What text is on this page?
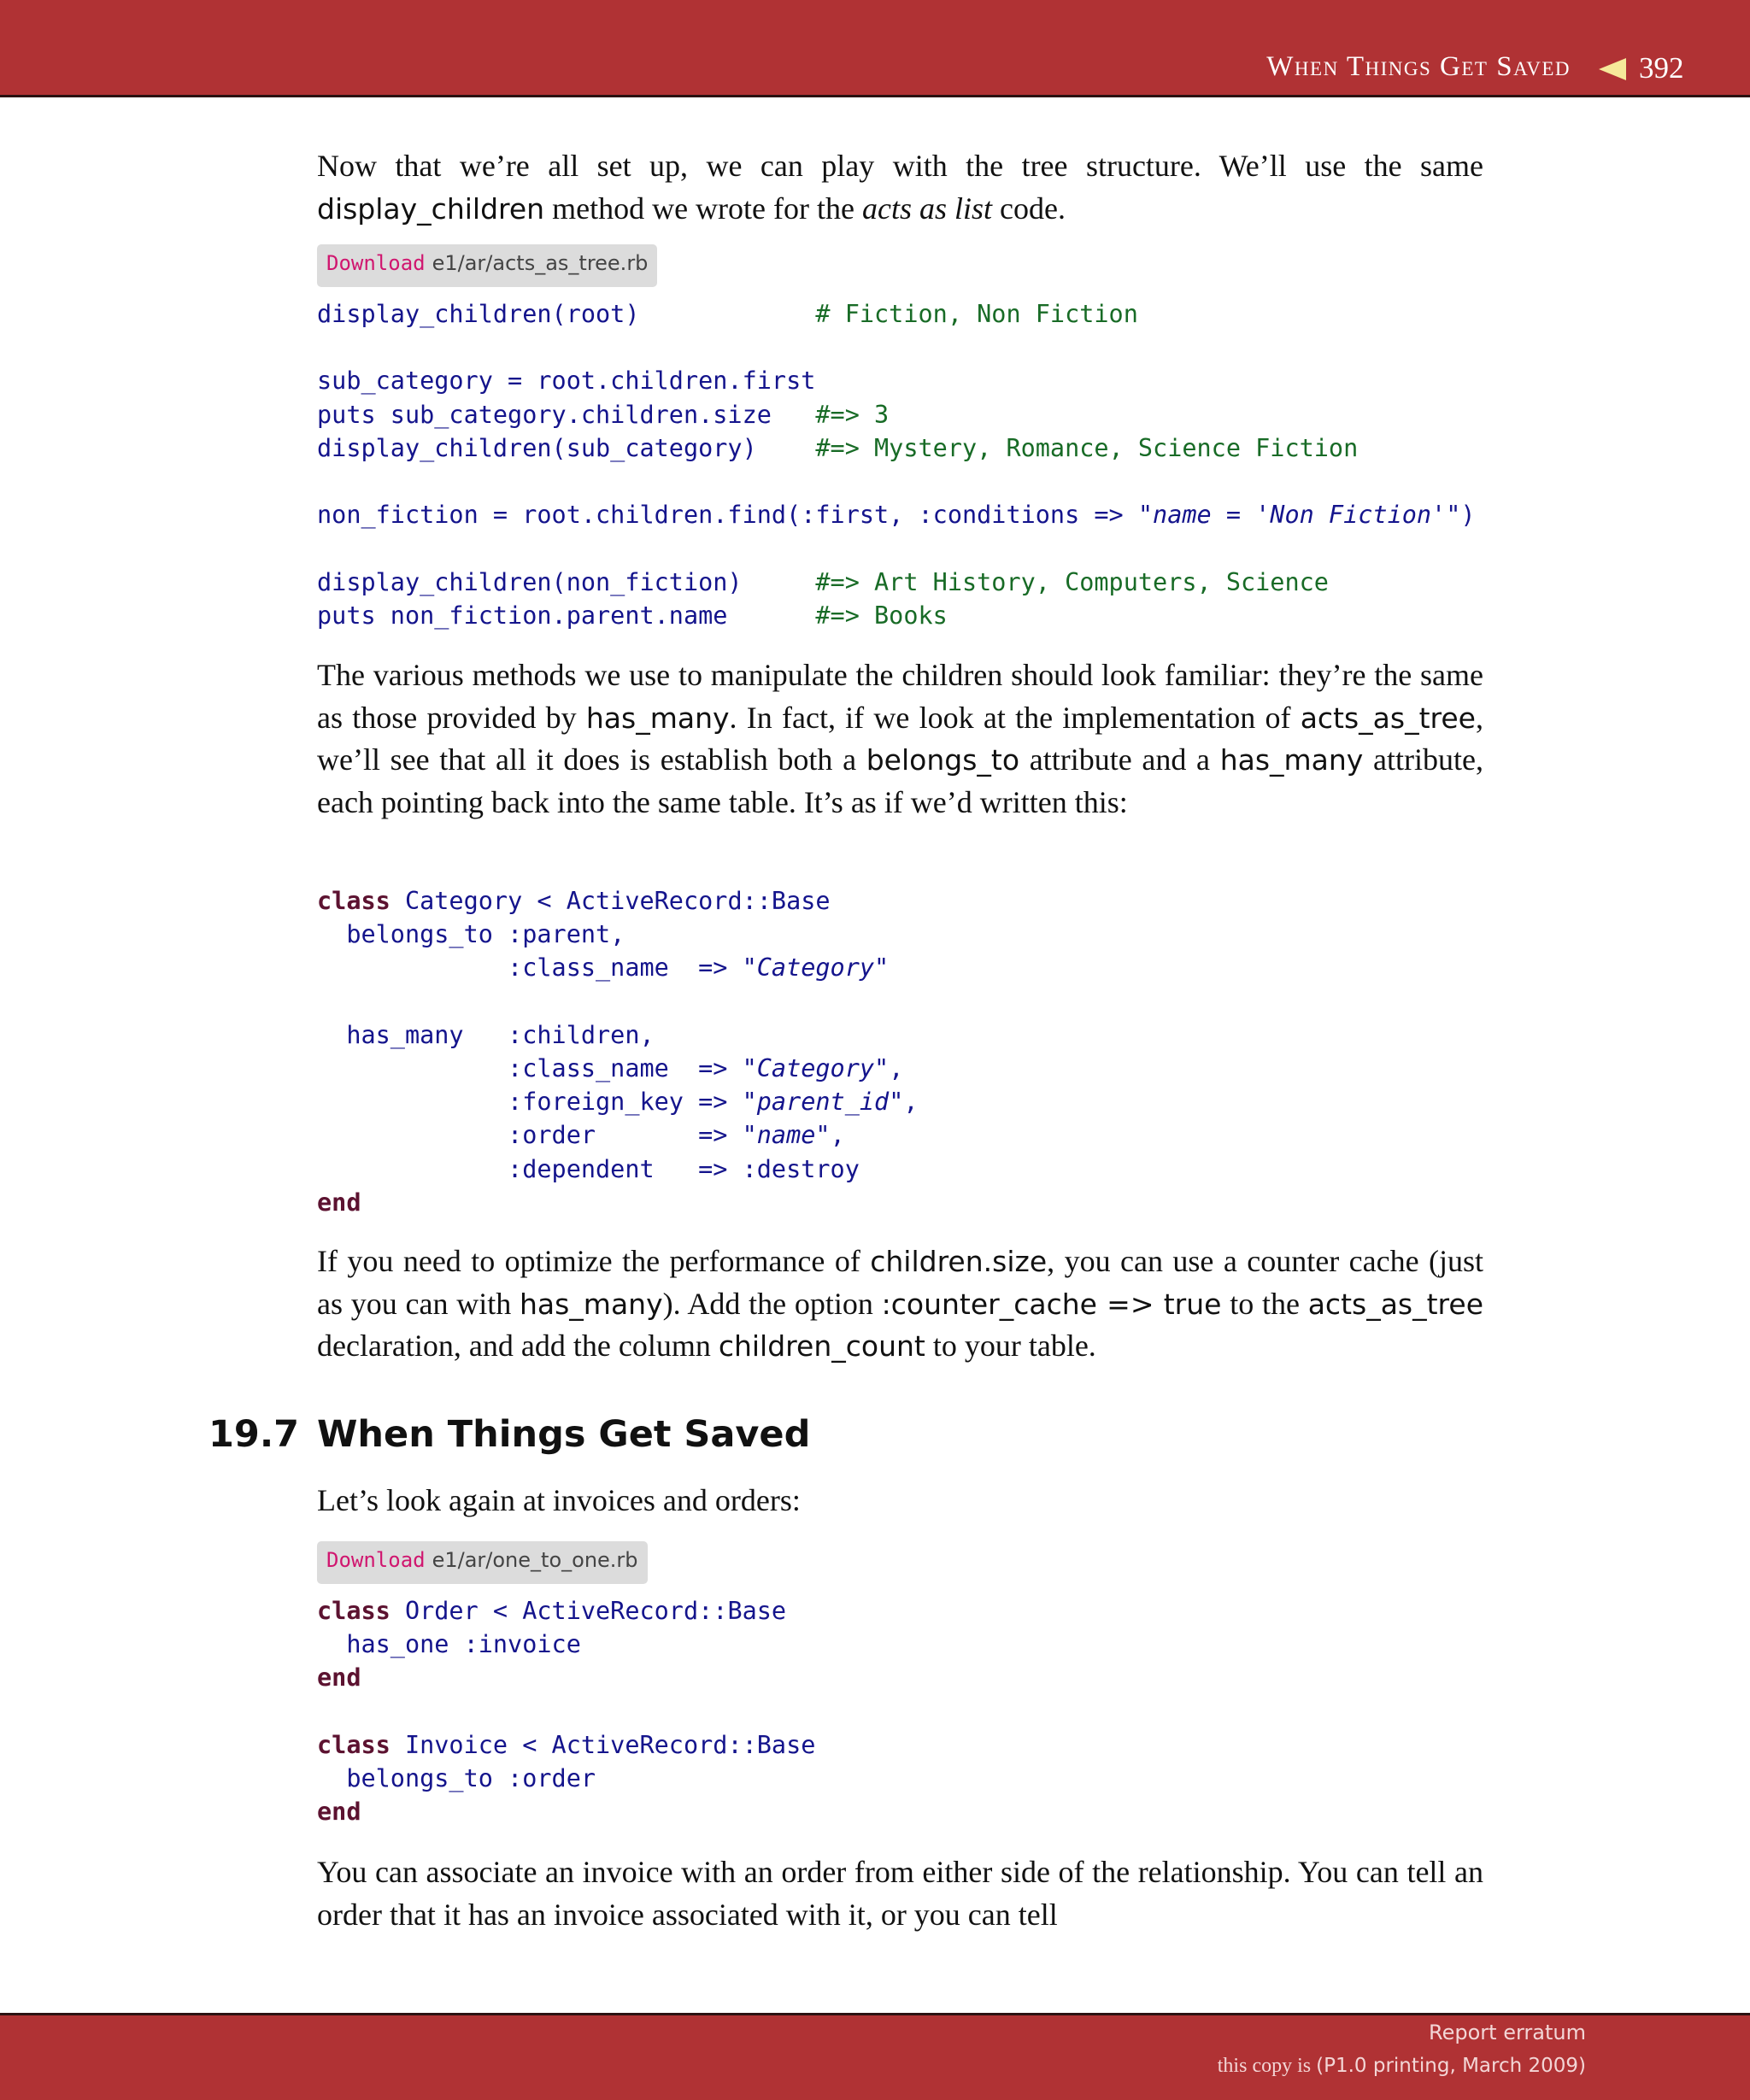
When Things Get Saved 392

Now that we’re all set up, we can play with the tree structure. We’ll use the same display_children method we wrote for the acts as list code.

Download e1/ar/acts_as_tree.rb
display_children(root)            # Fiction, Non Fiction

sub_category = root.children.first
puts sub_category.children.size   #=> 3
display_children(sub_category)    #=> Mystery, Romance, Science Fiction

non_fiction = root.children.find(:first, :conditions => "name = 'Non Fiction'")

display_children(non_fiction)     #=> Art History, Computers, Science
puts non_fiction.parent.name      #=> Books

The various methods we use to manipulate the children should look familiar: they’re the same as those provided by has_many. In fact, if we look at the implementation of acts_as_tree, we’ll see that all it does is establish both a belongs_to attribute and a has_many attribute, each pointing back into the same table. It’s as if we’d written this:

class Category < ActiveRecord::Base
belongs_to :parent,
:class_name  => "Category"

has_many   :children,
:class_name  => "Category",
:foreign_key => "parent_id",
:order       => "name",
:dependent   => :destroy
end

If you need to optimize the performance of children.size, you can use a counter cache (just as you can with has_many). Add the option :counter_cache => true to the acts_as_tree declaration, and add the column children_count to your table.

19.7 When Things Get Saved

Let’s look again at invoices and orders:

Download e1/ar/one_to_one.rb
class Order < ActiveRecord::Base
has_one :invoice
end

class Invoice < ActiveRecord::Base
belongs_to :order
end

You can associate an invoice with an order from either side of the relationship. You can tell an order that it has an invoice associated with it, or you can tell

Report erratum
this copy is (P1.0 printing, March 2009)
